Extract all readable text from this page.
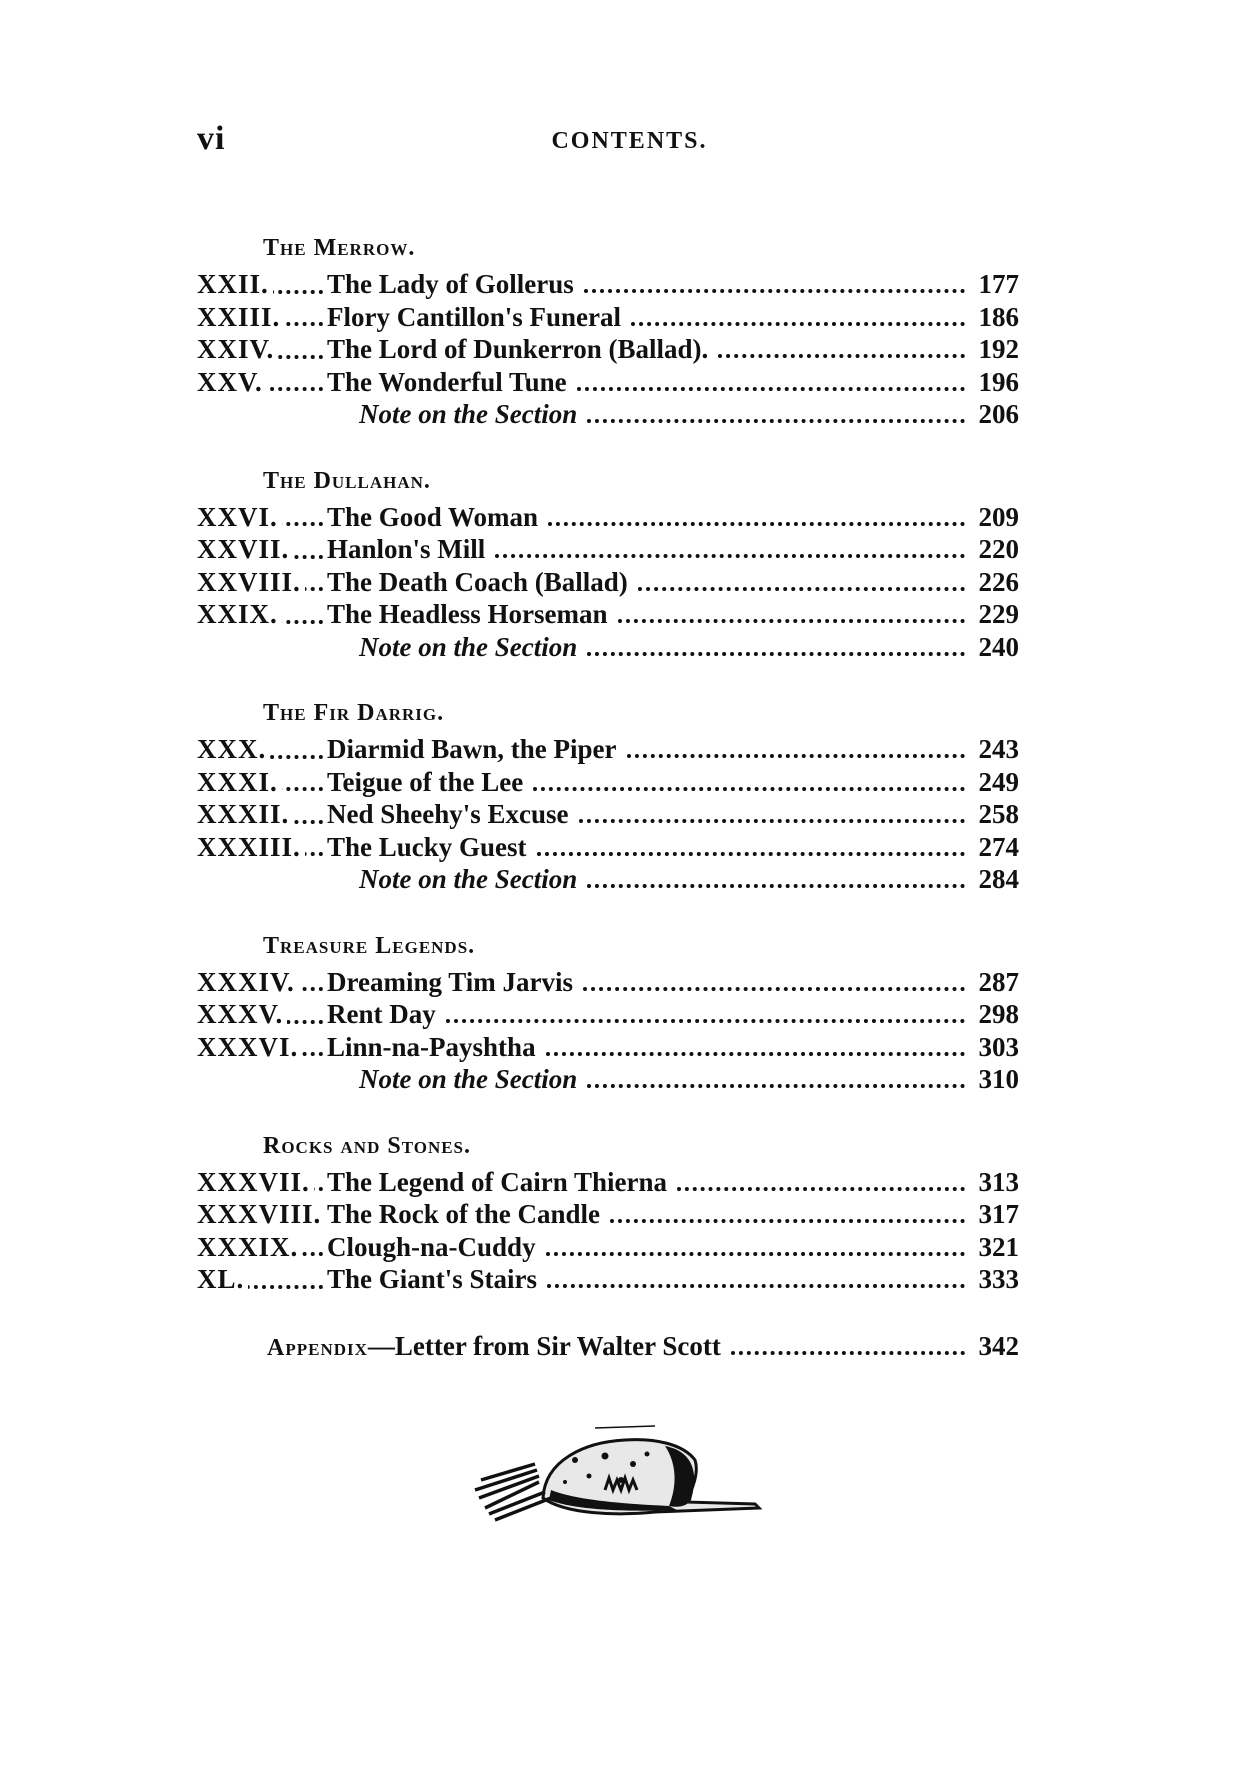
vi	CONTENTS.
The Merrow.
XXII.	The Lady of Gollerus	177
XXIII.	Flory Cantillon's Funeral	186
XXIV.	The Lord of Dunkerron (Ballad).	192
XXV.	The Wonderful Tune	196
Note on the Section	206
The Dullahan.
XXVI.	The Good Woman	209
XXVII.	Hanlon's Mill	220
XXVIII. The Death Coach (Ballad)	226
XXIX.	The Headless Horseman	229
Note on the Section	240
The Fir Darrig.
XXX.	Diarmid Bawn, the Piper	243
XXXI.	Teigue of the Lee	249
XXXII.	Ned Sheehy's Excuse	258
XXXIII. The Lucky Guest	274
Note on the Section	284
Treasure Legends.
XXXIV.	Dreaming Tim Jarvis	287
XXXV.	Rent Day	298
XXXVI.	Linn-na-Payshtha	303
Note on the Section	310
Rocks and Stones.
XXXVII. The Legend of Cairn Thierna	313
XXXVIII. The Rock of the Candle	317
XXXIX.	Clough-na-Cuddy	321
XL.	The Giant's Stairs	333
Appendix —Letter from Sir Walter Scott	342
